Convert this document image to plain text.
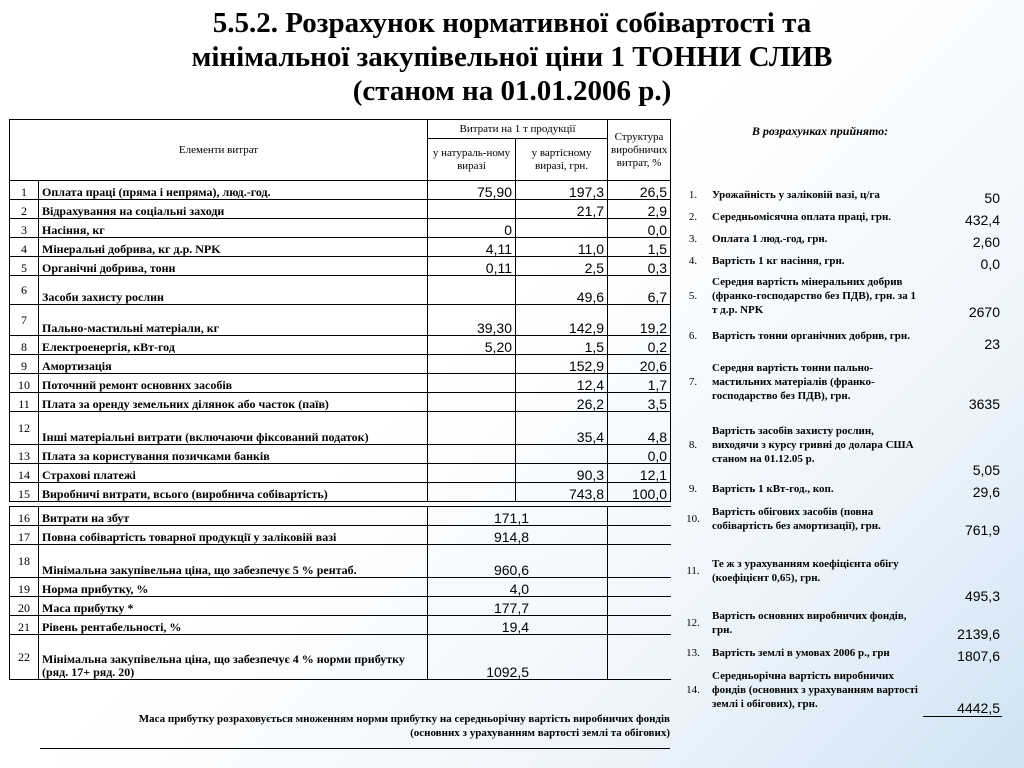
5.5.2. Розрахунок нормативної собівартості та
мінімальної закупівельної ціни 1 ТОННИ СЛИВ
(станом на 01.01.2006 р.)
Елементи витрат		Витрати на 1 т продукції		Структура виробничих витрат, %
		у натураль-ному виразі	у вартісному виразі, грн.	
1	Оплата праці (пряма і непряма), люд.-год.	75,90	197,3	26,5
2	Відрахування на соціальні заходи		21,7	2,9
3	Насіння, кг	0		0,0
4	Мінеральні добрива, кг д.р. NPK	4,11	11,0	1,5
5	Органічні добрива, тонн	0,11	2,5	0,3
6	Засоби захисту рослин		49,6	6,7
7	Пально-мастильні матеріали, кг	39,30	142,9	19,2
8	Електроенергія, кВт-год	5,20	1,5	0,2
9	Амортизація		152,9	20,6
10	Поточний ремонт основних засобів		12,4	1,7
11	Плата за оренду земельних ділянок або часток (паїв)		26,2	3,5
12	Інші матеріальні витрати (включаючи фіксований податок)		35,4	4,8
13	Плата за користування позичками банків			0,0
14	Страхові платежі		90,3	12,1
15	Виробничі витрати, всього (виробнича собівартість)		743,8	100,0

16	Витрати на збут	171,1		
17	Повна собівартість товарної продукції у заліковій вазі	914,8		
18	Мінімальна закупівельна ціна, що забезпечує 5 % рентаб.	960,6		
19	Норма прибутку, %	4,0		
20	Маса прибутку *	177,7		
21	Рівень рентабельності, %	19,4		
22	Мінімальна закупівельна ціна, що забезпечує 4 % норми прибутку (ряд. 17+ ряд. 20)	1092,5		
Маса прибутку розраховується множенням норми прибутку на середньорічну вартість виробничих фондів
(основних з урахуванням вартості землі та обігових)
В розрахунках прийнято:
1.	Урожайність у заліковій вазі, ц/га	50
2.	Середньомісячна оплата праці, грн.	432,4
3.	Оплата 1 люд.-год, грн.	2,60
4.	Вартість 1 кг насіння, грн.	0,0
5.	Середня вартість мінеральних добрив (франко-господарство без ПДВ), грн. за 1 т д.р. NPK	2670
6.	Вартість тонни органічних добрив, грн.	23
7.	Середня вартість тонни пально-мастильних матеріалів (франко-господарство без ПДВ), грн.	3635
8.	Вартість засобів захисту рослин, виходячи з курсу гривні до долара США станом на 01.12.05 р.	5,05
9.	Вартість 1 кВт-год., коп.	29,6
10.	Вартість обігових засобів (повна собівартість без амортизації), грн.	761,9
11.	Те ж з урахуванням коефіцієнта обігу (коефіцієнт 0,65), грн.	495,3
12.	Вартість основних виробничих фондів, грн.	2139,6
13.	Вартість землі в умовах 2006 р., грн	1807,6
14.	Середньорічна вартість виробничих фондів (основних з урахуванням вартості землі і обігових), грн.	4442,5
